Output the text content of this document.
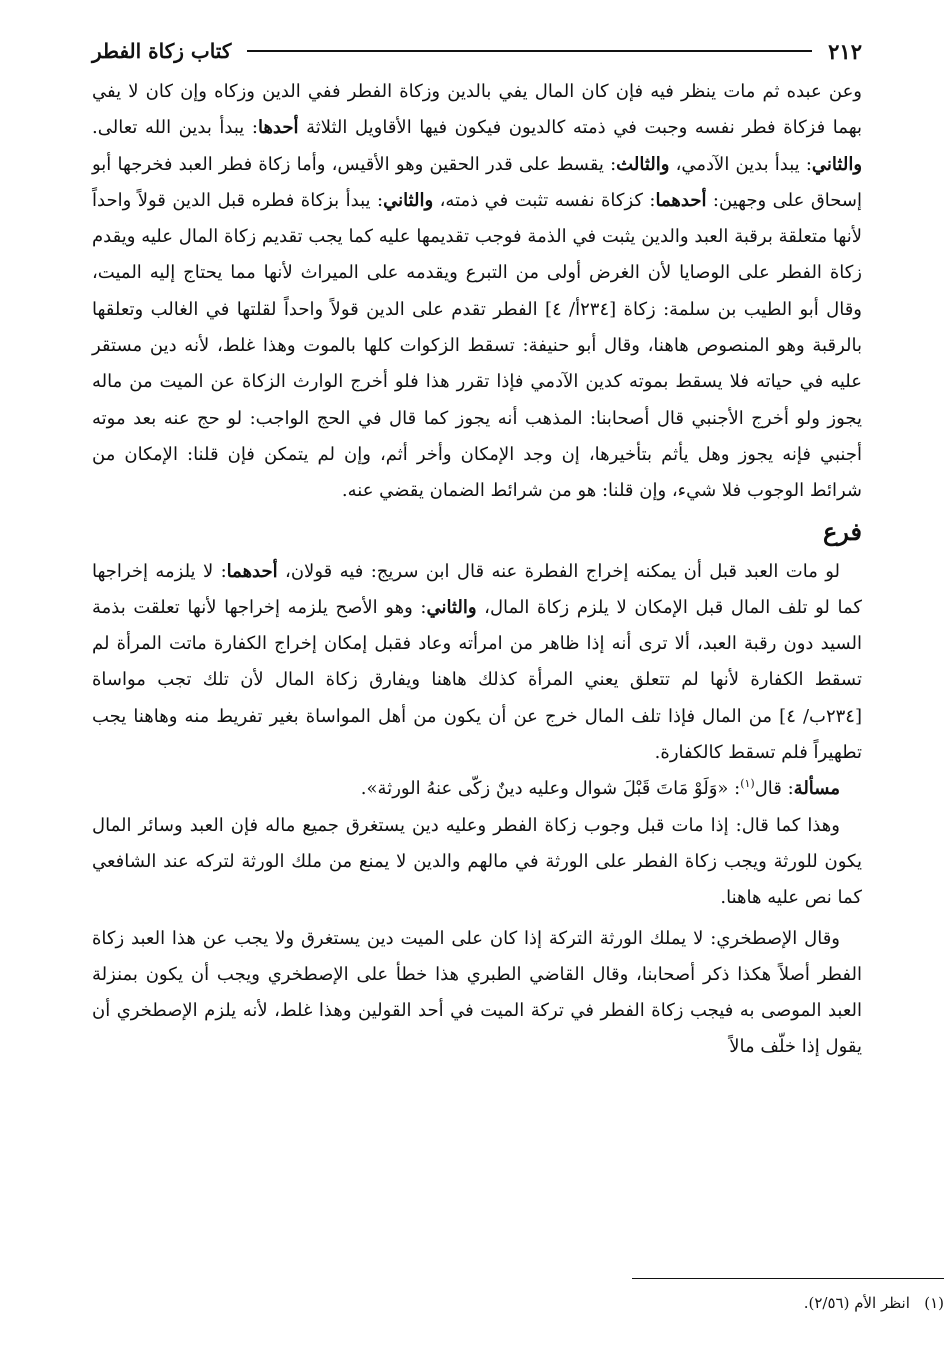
٢١٢
كتاب زكاة الفطر

وعن عبده ثم مات ينظر فيه فإن كان المال يفي بالدين وزكاة الفطر ففي الدين وزكاه وإن كان لا يفي بهما فزكاة فطر نفسه وجبت في ذمته كالديون فيكون فيها الأقاويل الثلاثة أحدها: يبدأ بدين الله تعالى. والثاني: يبدأ بدين الآدمي، والثالث: يقسط على قدر الحقين وهو الأقيس، وأما زكاة فطر العبد فخرجها أبو إسحاق على وجهين: أحدهما: كزكاة نفسه تثبت في ذمته، والثاني: يبدأ بزكاة فطره قبل الدين قولاً واحداً لأنها متعلقة برقبة العبد والدين يثبت في الذمة فوجب تقديمها عليه كما يجب تقديم زكاة المال عليه ويقدم زكاة الفطر على الوصايا لأن الغرض أولى من التبرع ويقدمه على الميراث لأنها مما يحتاج إليه الميت، وقال أبو الطيب بن سلمة: زكاة [٢٣٤أ/ ٤] الفطر تقدم على الدين قولاً واحداً لقلتها في الغالب وتعلقها بالرقبة وهو المنصوص هاهنا، وقال أبو حنيفة: تسقط الزكوات كلها بالموت وهذا غلط، لأنه دين مستقر عليه في حياته فلا يسقط بموته كدين الآدمي فإذا تقرر هذا فلو أخرج الوارث الزكاة عن الميت من ماله يجوز ولو أخرج الأجنبي قال أصحابنا: المذهب أنه يجوز كما قال في الحج الواجب: لو حج عنه بعد موته أجنبي فإنه يجوز وهل يأثم بتأخيرها، إن وجد الإمكان وأخر أثم، وإن لم يتمكن فإن قلنا: الإمكان من شرائط الوجوب فلا شيء، وإن قلنا: هو من شرائط الضمان يقضي عنه.

فرع

لو مات العبد قبل أن يمكنه إخراج الفطرة عنه قال ابن سريج: فيه قولان، أحدهما: لا يلزمه إخراجها كما لو تلف المال قبل الإمكان لا يلزم زكاة المال، والثاني: وهو الأصح يلزمه إخراجها لأنها تعلقت بذمة السيد دون رقبة العبد، ألا ترى أنه إذا ظاهر من امرأته وعاد فقبل إمكان إخراج الكفارة ماتت المرأة لم تسقط الكفارة لأنها لم تتعلق يعني المرأة كذلك هاهنا ويفارق زكاة المال لأن تلك تجب مواساة [٢٣٤ب/ ٤] من المال فإذا تلف المال خرج عن أن يكون من أهل المواساة بغير تفريط منه وهاهنا يجب تطهيراً فلم تسقط كالكفارة.

مسألة: قال$^{(١)}$: «وَلَوْ مَاتَ قَبْلَ شوال وعليه دينٌ زكّى عنهُ الورثة».

وهذا كما قال: إذا مات قبل وجوب زكاة الفطر وعليه دين يستغرق جميع ماله فإن العبد وسائر المال يكون للورثة ويجب زكاة الفطر على الورثة في مالهم والدين لا يمنع من ملك الورثة لتركه عند الشافعي كما نص عليه هاهنا.

وقال الإصطخري: لا يملك الورثة التركة إذا كان على الميت دين يستغرق ولا يجب عن هذا العبد زكاة الفطر أصلاً هكذا ذكر أصحابنا، وقال القاضي الطبري هذا خطأ على الإصطخري ويجب أن يكون بمنزلة العبد الموصى به فيجب زكاة الفطر في تركة الميت في أحد القولين وهذا غلط، لأنه يلزم الإصطخري أن يقول إذا خلّف مالاً

(١)   انظر الأم (٢/٥٦).
